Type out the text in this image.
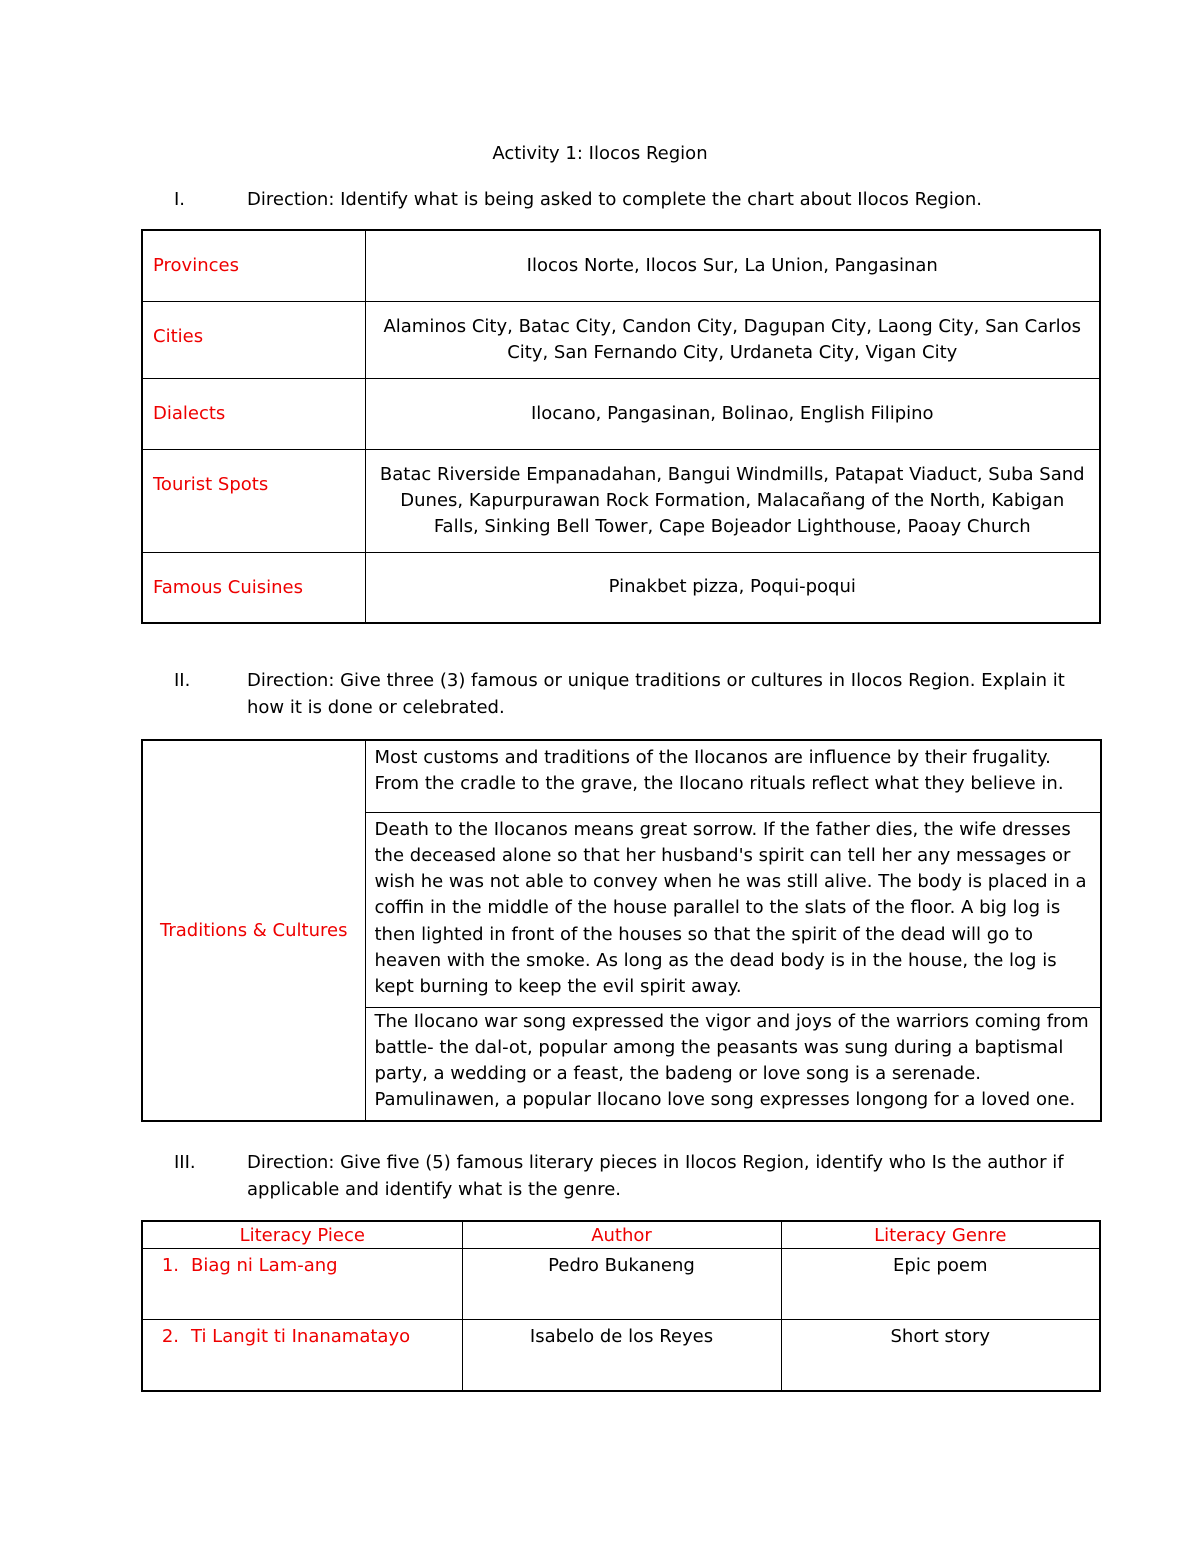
Activity 1: Ilocos Region
I.	Direction: Identify what is being asked to complete the chart about Ilocos Region.
Provinces	Ilocos Norte, Ilocos Sur, La Union, Pangasinan
Cities	Alaminos City, Batac City, Candon City, Dagupan City, Laong City, San Carlos City, San Fernando City, Urdaneta City, Vigan City
Dialects	Ilocano, Pangasinan, Bolinao, English Filipino
Tourist Spots	Batac Riverside Empanadahan, Bangui Windmills, Patapat Viaduct, Suba Sand Dunes, Kapurpurawan Rock Formation, Malacañang of the North, Kabigan Falls, Sinking Bell Tower, Cape Bojeador Lighthouse, Paoay Church
Famous Cuisines	Pinakbet pizza, Poqui-poqui
II.	Direction: Give three (3) famous or unique traditions or cultures in Ilocos Region. Explain it how it is done or celebrated.
Traditions & Cultures	Most customs and traditions of the Ilocanos are influence by their frugality. From the cradle to the grave, the Ilocano rituals reflect what they believe in.
Death to the Ilocanos means great sorrow. If the father dies, the wife dresses the deceased alone so that her husband's spirit can tell her any messages or wish he was not able to convey when he was still alive. The body is placed in a coffin in the middle of the house parallel to the slats of the floor. A big log is then lighted in front of the houses so that the spirit of the dead will go to heaven with the smoke. As long as the dead body is in the house, the log is kept burning to keep the evil spirit away.
The Ilocano war song expressed the vigor and joys of the warriors coming from battle- the dal-ot, popular among the peasants was sung during a baptismal party, a wedding or a feast, the badeng or love song is a serenade. Pamulinawen, a popular Ilocano love song expresses longong for a loved one.
III.	Direction: Give five (5) famous literary pieces in Ilocos Region, identify who Is the author if applicable and identify what is the genre.
Literacy Piece	Author	Literacy Genre
1. Biag ni Lam-ang	Pedro Bukaneng	Epic poem
2. Ti Langit ti Inanamatayo	Isabelo de los Reyes	Short story
